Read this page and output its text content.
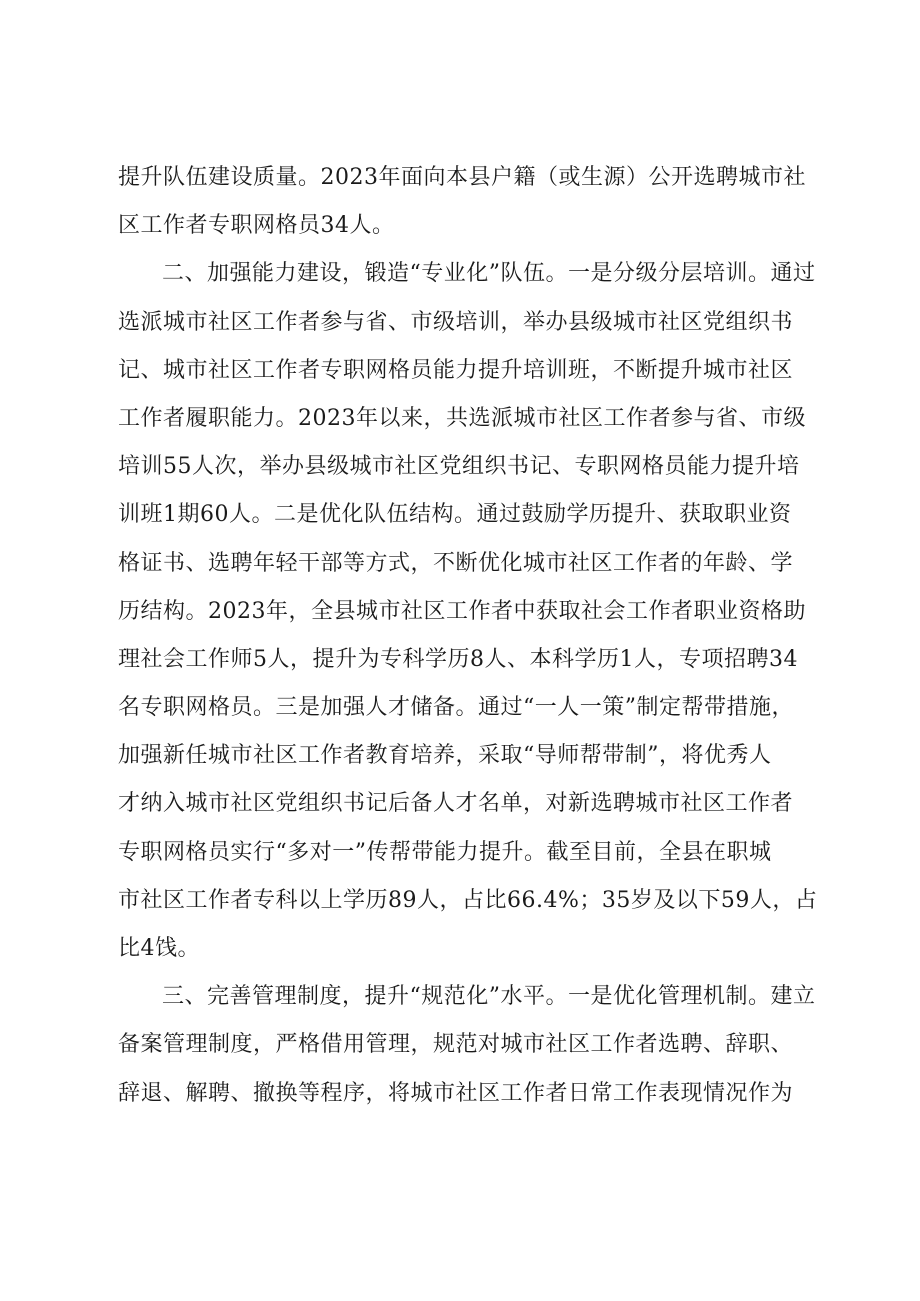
提升队伍建设质量。2023年面向本县户籍（或生源）公开选聘城市社
区工作者专职网格员34人。
二、加强能力建设，锻造“专业化”队伍。一是分级分层培训。通过
选派城市社区工作者参与省、市级培训，举办县级城市社区党组织书
记、城市社区工作者专职网格员能力提升培训班，不断提升城市社区
工作者履职能力。2023年以来，共选派城市社区工作者参与省、市级
培训55人次，举办县级城市社区党组织书记、专职网格员能力提升培
训班1期60人。二是优化队伍结构。通过鼓励学历提升、获取职业资
格证书、选聘年轻干部等方式，不断优化城市社区工作者的年龄、学
历结构。2023年，全县城市社区工作者中获取社会工作者职业资格助
理社会工作师5人，提升为专科学历8人、本科学历1人，专项招聘34
名专职网格员。三是加强人才储备。通过“一人一策”制定帮带措施，
加强新任城市社区工作者教育培养，采取“导师帮带制”，将优秀人
才纳入城市社区党组织书记后备人才名单，对新选聘城市社区工作者
专职网格员实行“多对一”传帮带能力提升。截至目前，全县在职城
市社区工作者专科以上学历89人，占比66.4%；35岁及以下59人，占
比4饯。
三、完善管理制度，提升“规范化”水平。一是优化管理机制。建立
备案管理制度，严格借用管理，规范对城市社区工作者选聘、辞职、
辞退、解聘、撤换等程序，将城市社区工作者日常工作表现情况作为
